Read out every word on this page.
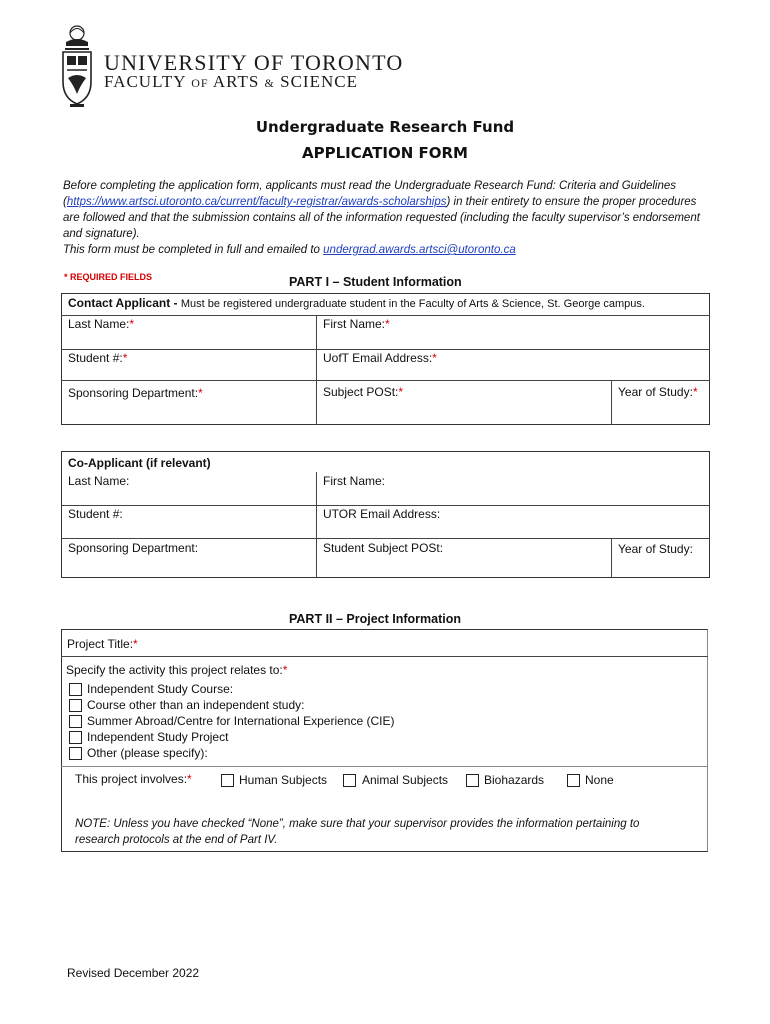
UNIVERSITY OF TORONTO
FACULTY OF ARTS & SCIENCE
Undergraduate Research Fund
APPLICATION FORM
Before completing the application form, applicants must read the Undergraduate Research Fund: Criteria and Guidelines (https://www.artsci.utoronto.ca/current/faculty-registrar/awards-scholarships) in their entirety to ensure the proper procedures are followed and that the submission contains all of the information requested (including the faculty supervisor’s endorsement and signature).
This form must be completed in full and emailed to undergrad.awards.artsci@utoronto.ca
* REQUIRED FIELDS	PART I – Student Information
Contact Applicant - Must be registered undergraduate student in the Faculty of Arts & Science, St. George campus.
Last Name:*	First Name:*
Student #:*	UofT Email Address:*
Sponsoring Department:*	Subject POSt:*	Year of Study:*
Co-Applicant (if relevant)
Last Name:	First Name:
Student #:	UTOR Email Address:
Sponsoring Department:	Student Subject POSt:	Year of Study:
PART II – Project Information
Project Title:*
Specify the activity this project relates to:*
Independent Study Course:
Course other than an independent study:
Summer Abroad/Centre for International Experience (CIE)
Independent Study Project
Other (please specify):
This project involves:*	Human Subjects	Animal Subjects	Biohazards	None
NOTE: Unless you have checked “None”, make sure that your supervisor provides the information pertaining to research protocols at the end of Part IV.
Revised December 2022
